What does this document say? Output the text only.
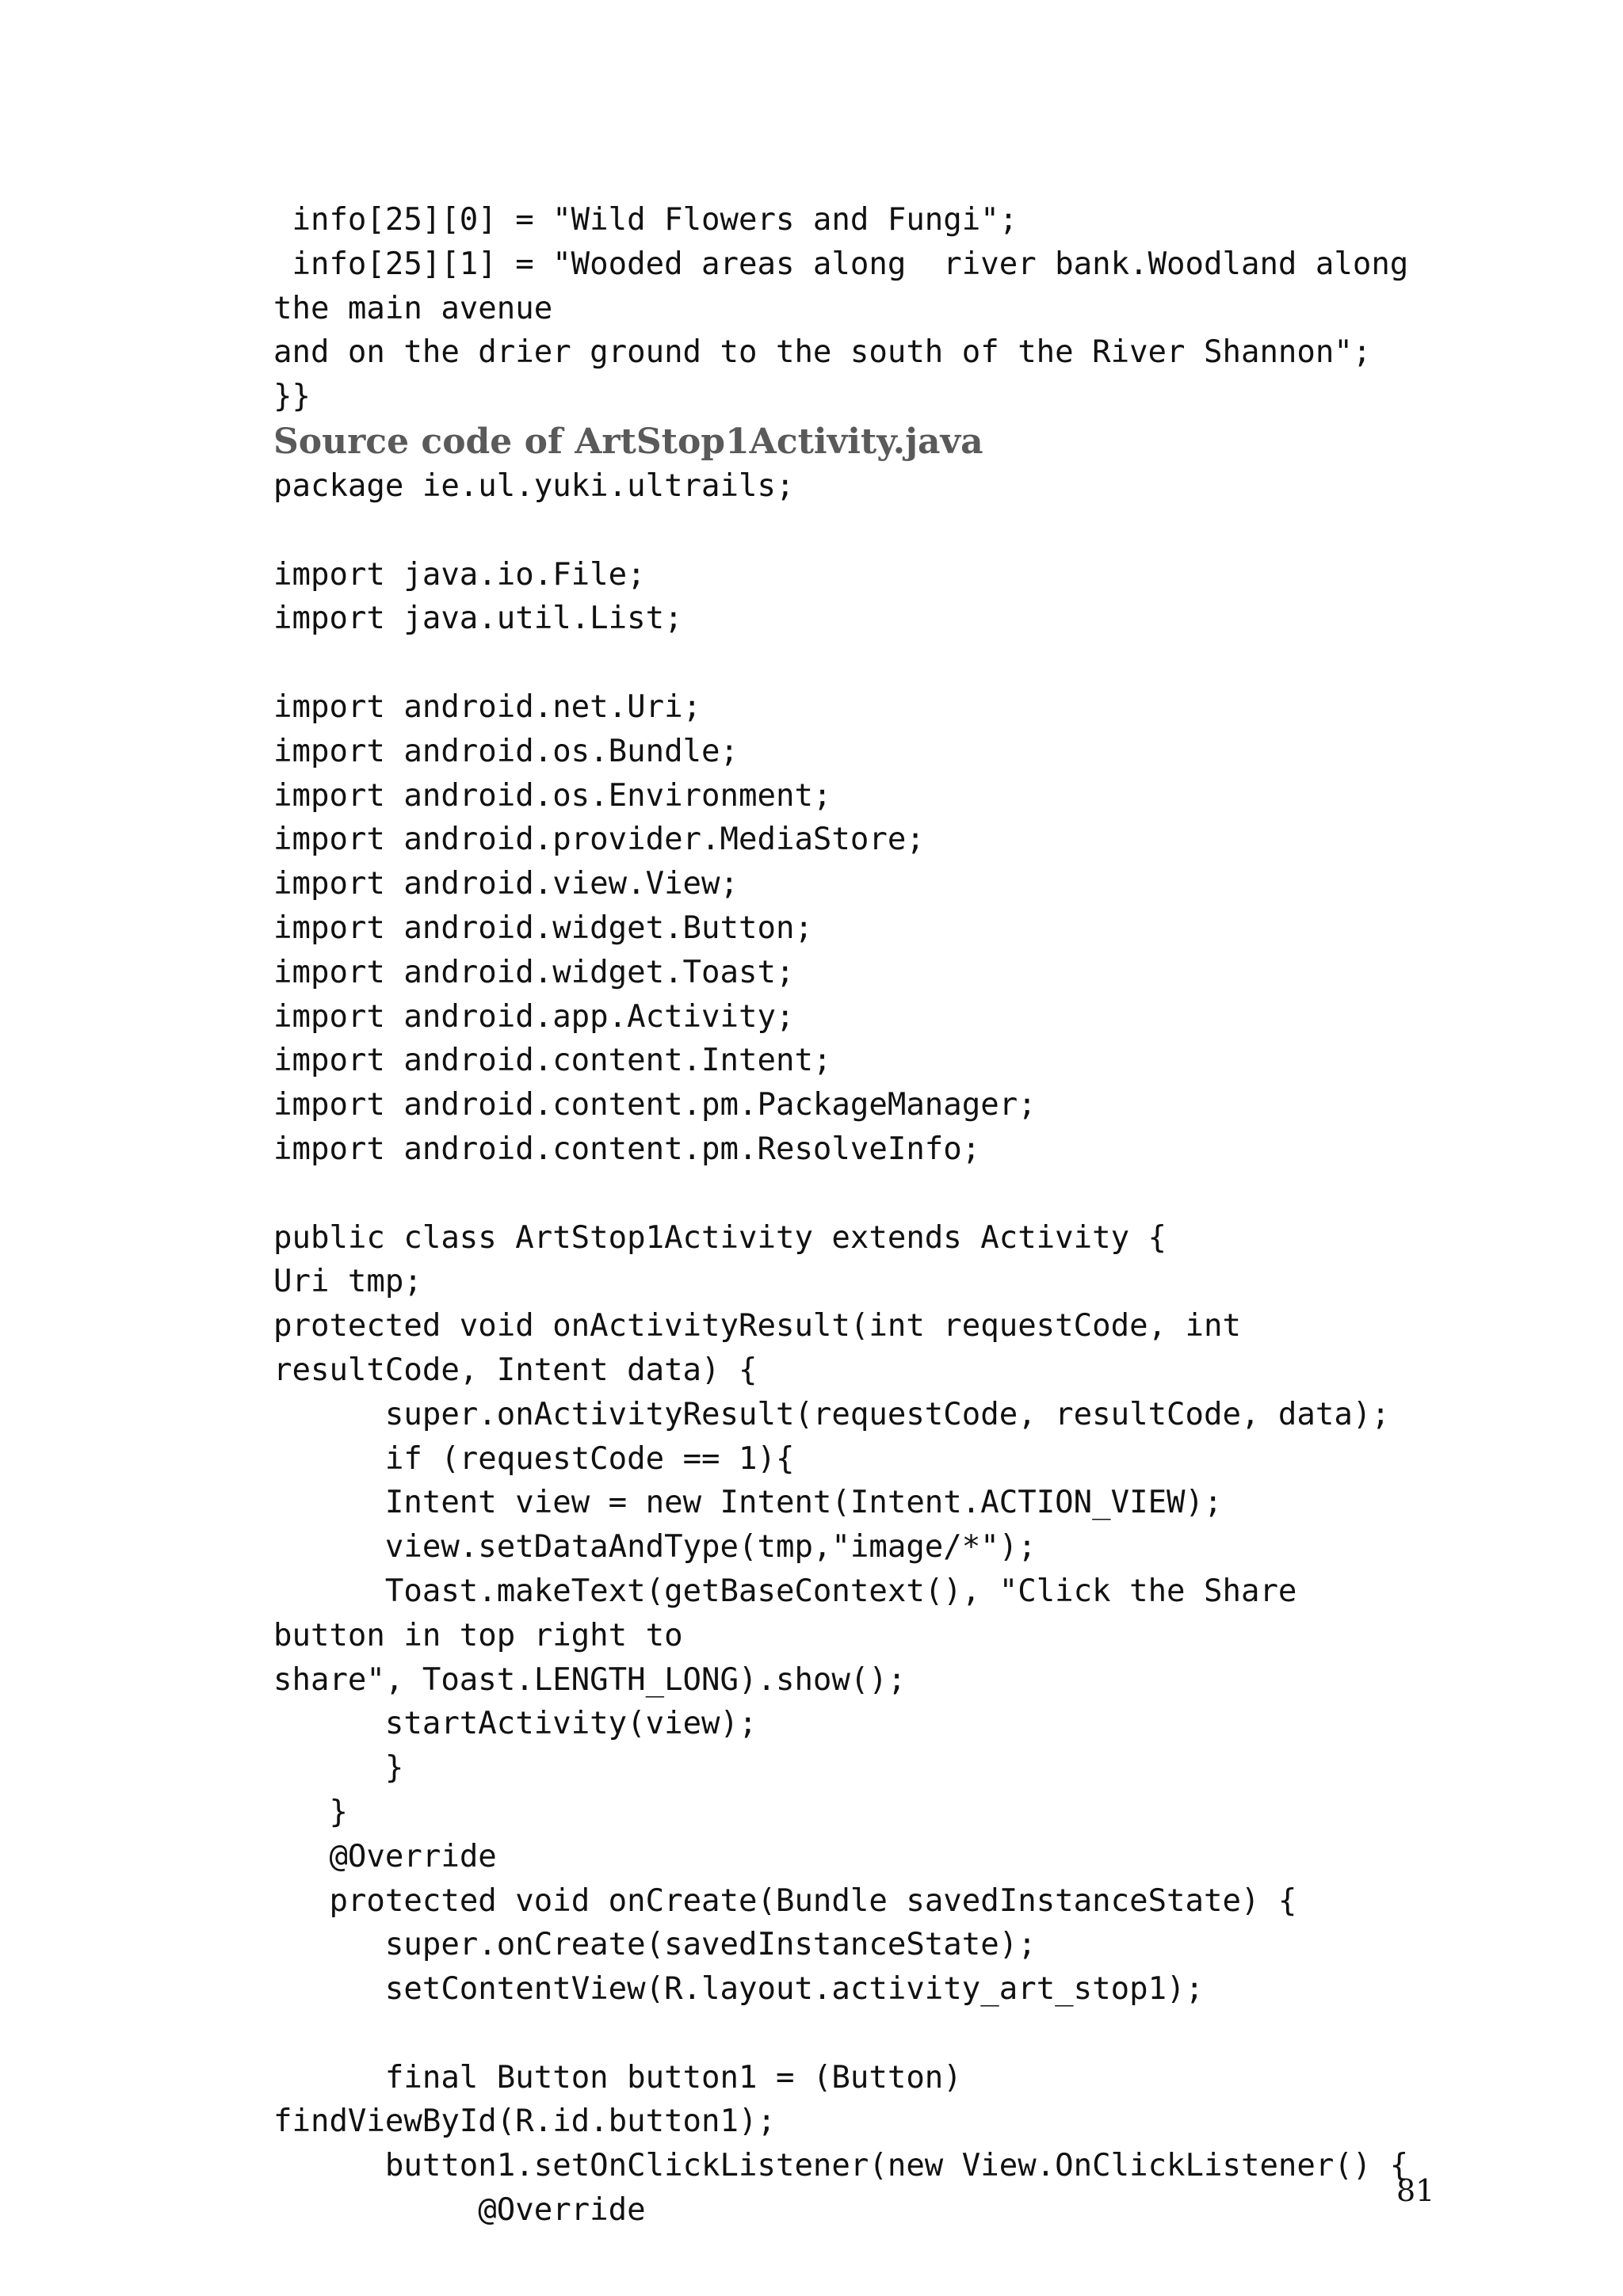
info[25][0] = "Wild Flowers and Fungi";
info[25][1] = "Wooded areas along  river bank.Woodland along the main avenue
and on the drier ground to the south of the River Shannon";
}}
Source code of ArtStop1Activity.java
package ie.ul.yuki.ultrails;
import java.io.File;
import java.util.List;
import android.net.Uri;
import android.os.Bundle;
import android.os.Environment;
import android.provider.MediaStore;
import android.view.View;
import android.widget.Button;
import android.widget.Toast;
import android.app.Activity;
import android.content.Intent;
import android.content.pm.PackageManager;
import android.content.pm.ResolveInfo;
public class ArtStop1Activity extends Activity {
Uri tmp;
protected void onActivityResult(int requestCode, int resultCode, Intent data) {
super.onActivityResult(requestCode, resultCode, data);
if (requestCode == 1){
Intent view = new Intent(Intent.ACTION_VIEW);
view.setDataAndType(tmp,"image/*");
Toast.makeText(getBaseContext(), "Click the Share button in top right to
share", Toast.LENGTH_LONG).show();
startActivity(view);
}
}
@Override
protected void onCreate(Bundle savedInstanceState) {
super.onCreate(savedInstanceState);
setContentView(R.layout.activity_art_stop1);
final Button button1 = (Button) findViewById(R.id.button1);
button1.setOnClickListener(new View.OnClickListener() {
@Override
81
